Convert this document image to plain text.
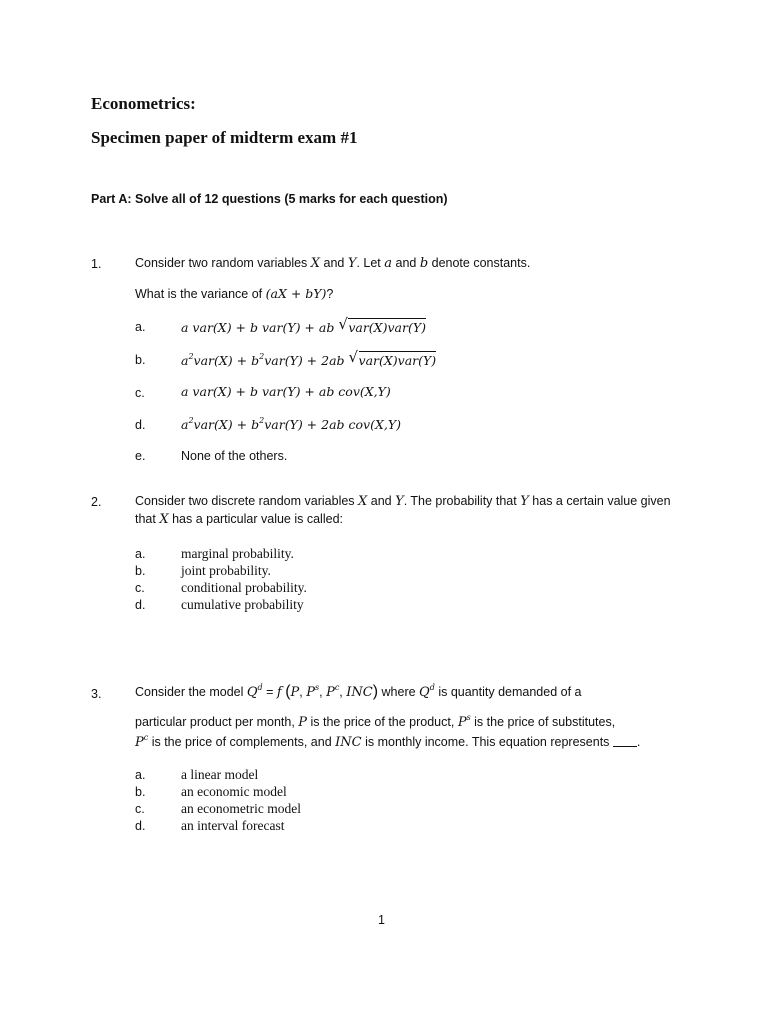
Econometrics:
Specimen paper of midterm exam #1

Part A: Solve all of 12 questions (5 marks for each question)

1.	Consider two random variables X and Y. Let a and b denote constants.
What is the variance of (aX + bY)?
a.	a var(X) + b var(Y) + ab √ var(X)var(Y)
b.	$a^2var(X) + b^2var(Y) + 2ab$ √ var(X)var(Y)
c.	a var(X) + b var(Y) + ab cov(X,Y)
d.	$a^2var(X) + b^2var(Y) + 2ab$ cov(X,Y)
e.	None of the others.
2.	Consider two discrete random variables X and Y. The probability that Y has a certain value given
that X has a particular value is called:
a.	marginal probability.
b.	joint probability.
c.	conditional probability.
d.	cumulative probability
3.	Consider the model $Q^d = f$ (P, $P^s$, $P^c$, INC) where $Q^d$ is quantity demanded of a
particular product per month, P is the price of the product, $P^s$ is the price of substitutes,
$P^c$ is the price of complements, and INC is monthly income. This equation represents .
a.	a linear model
b.	an economic model
c.	an econometric model
d.	an interval forecast
1
